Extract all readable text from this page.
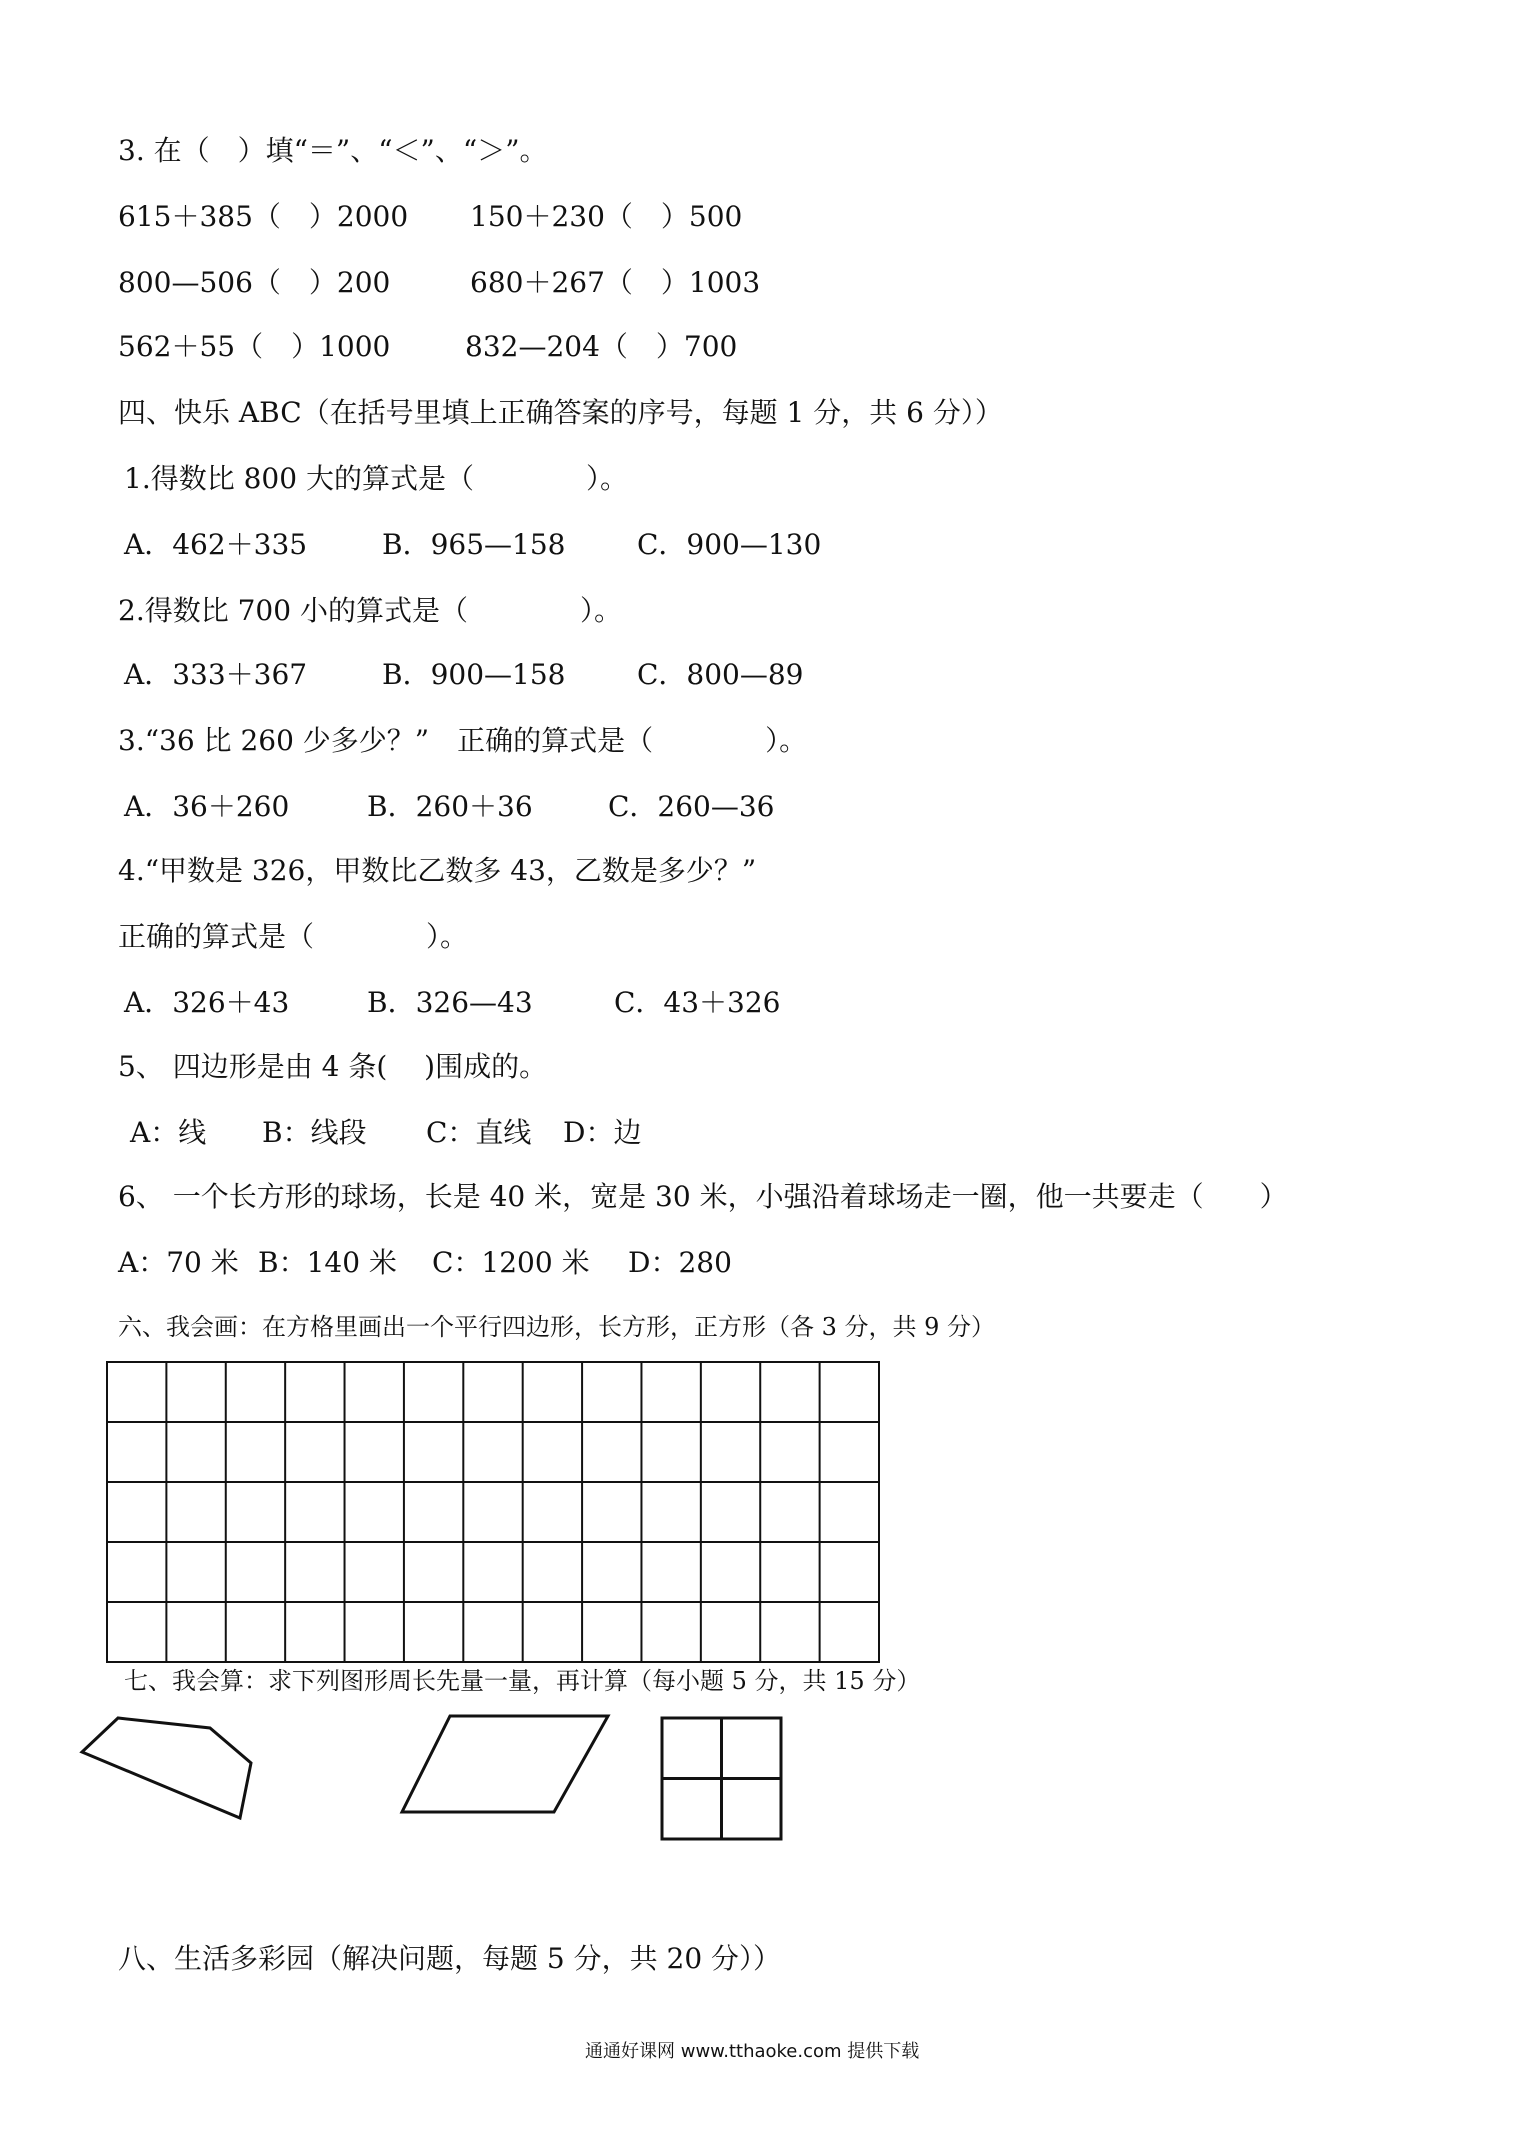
3. 在（　）填“＝”、“＜”、“＞”。
615＋385（　）2000 150＋230（　）500
800—506（　）200	680＋267（　）1003
562＋55（　）1000	832—204（　）700
四、快乐 ABC（在括号里填上正确答案的序号，每题 1 分，共 6 分））
1.得数比 800 大的算式是（　　　　）。
A．462＋335	B．965—158	C．900—130
2.得数比 700 小的算式是（　　　　）。
A．333＋367	B．900—158	C．800—89
3.“36 比 260 少多少？”　正确的算式是（　　　　）。
A．36＋260	B．260＋36	C．260—36
4.“甲数是 326，甲数比乙数多 43，乙数是多少？”
正确的算式是（　　　　）。
A．326＋43	B．326—43	C．43＋326
5、 四边形是由 4 条(　 )围成的。
A：线 B：线段 C：直线 D：边
6、 一个长方形的球场，长是 40 米，宽是 30 米，小强沿着球场走一圈，他一共要走（　　）
A：70 米 B：140 米 C：1200 米 D：280
六、我会画：在方格里画出一个平行四边形，长方形，正方形（各 3 分，共 9 分）
七、我会算：求下列图形周长先量一量，再计算（每小题 5 分，共 15 分）
八、生活多彩园（解决问题，每题 5 分，共 20 分））
通通好课网 www.tthaoke.com 提供下载
